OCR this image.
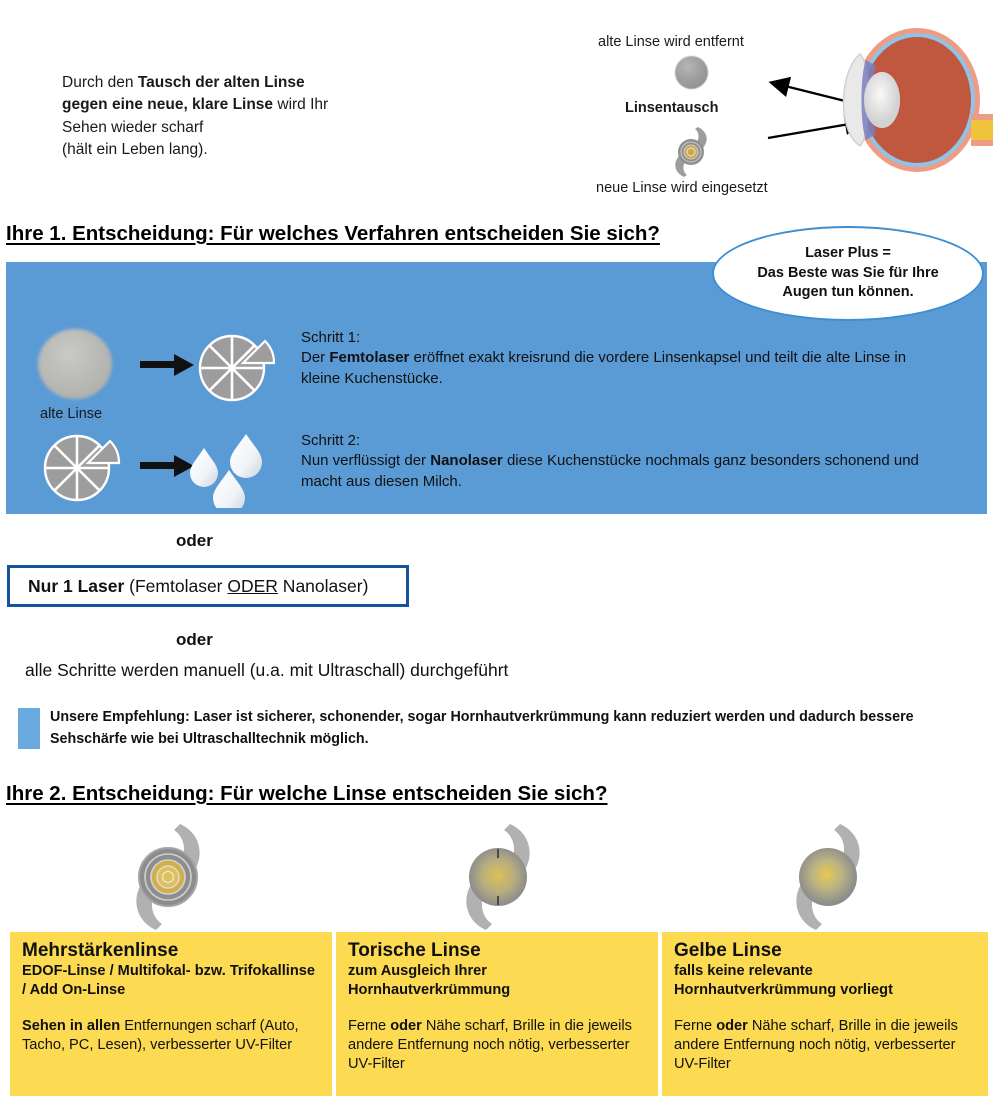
Durch den Tausch der alten Linse
gegen eine neue, klare Linse wird Ihr
Sehen wieder scharf
(hält ein Leben lang).
alte Linse wird entfernt
Linsentausch
neue Linse wird eingesetzt
Ihre 1. Entscheidung: Für welches Verfahren entscheiden Sie sich?
LASER PLUS (Femtolaser UND Nanolaser)
alte Linse
Schritt 1:
Der Femtolaser eröffnet exakt kreisrund die vordere Linsenkapsel und teilt die alte Linse in kleine Kuchenstücke.
Schritt 2:
Nun verflüssigt der Nanolaser diese Kuchenstücke nochmals ganz besonders schonend und macht aus diesen Milch.
Laser Plus =
Das Beste was Sie für Ihre
Augen tun können.
oder
Nur 1 Laser (Femtolaser ODER Nanolaser)
oder
alle Schritte werden manuell (u.a. mit Ultraschall) durchgeführt
Unsere Empfehlung: Laser ist sicherer, schonender, sogar Hornhautverkrümmung kann reduziert werden und dadurch bessere Sehschärfe wie bei Ultraschalltechnik möglich.
Ihre 2. Entscheidung: Für welche Linse entscheiden Sie sich?
Mehrstärkenlinse
EDOF-Linse / Multifokal- bzw. Trifokallinse / Add On-Linse
Sehen in allen Entfernungen scharf (Auto, Tacho, PC, Lesen), verbesserter UV-Filter
Torische Linse
zum Ausgleich Ihrer Hornhautverkrümmung
Ferne oder Nähe scharf, Brille in die jeweils andere Entfernung noch nötig, verbesserter UV-Filter
Gelbe Linse
falls keine relevante Hornhautverkrümmung vorliegt
Ferne oder Nähe scharf, Brille in die jeweils andere Entfernung noch nötig, verbesserter UV-Filter
